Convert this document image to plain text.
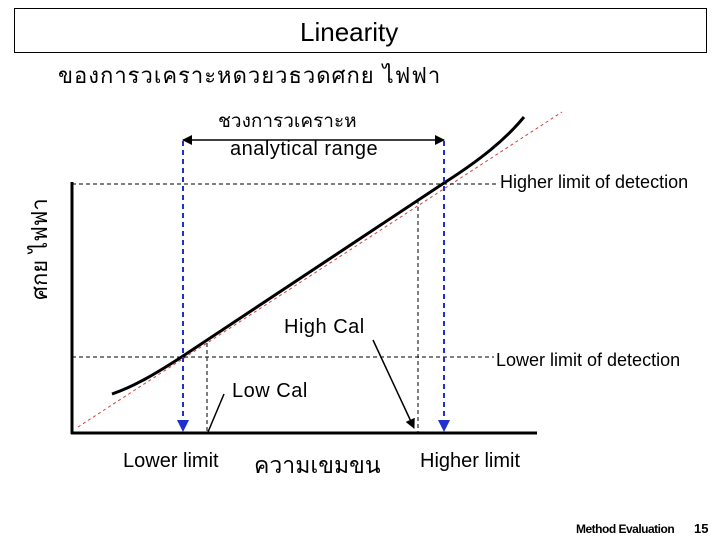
Linearity
ของการวเคราะหดวยวธวดศกย ไฟฟา
ชวงการวเคราะห
analytical range
Higher limit of detection
Lower limit of detection
High Cal
Low Cal
Lower limit ความเขมขน Higher limit
ศกย ไฟฟา
Method Evaluation 15
